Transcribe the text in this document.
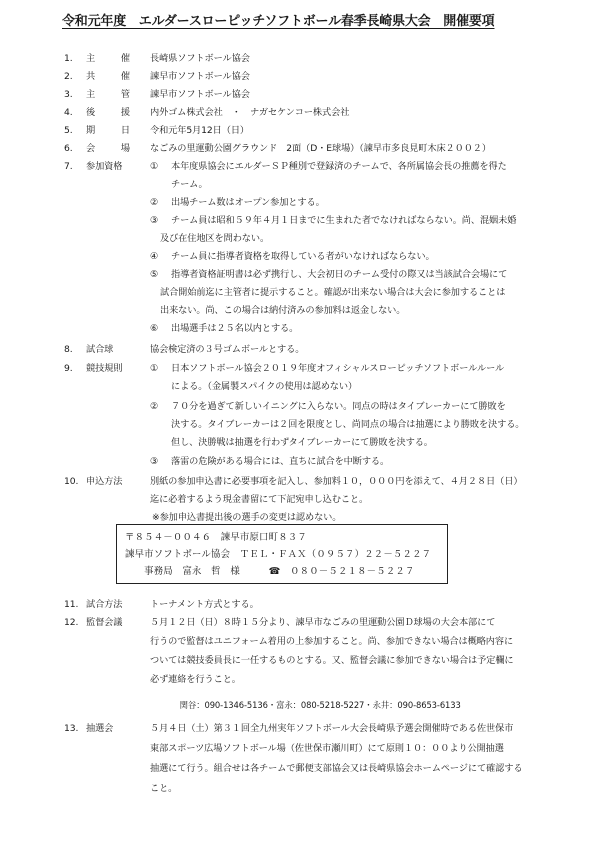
令和元年度　エルダースローピッチソフトボール春季長崎県大会　開催要項
1.	主	催 長崎県ソフトボール協会
2.	共	催 諫早市ソフトボール協会
3.	主	管 諫早市ソフトボール協会
4.	後	援 内外ゴム株式会社　・　ナガセケンコー株式会社
5.	期	日 令和元年5月12日（日）
6.	会	場 なごみの里運動公園グラウンド　2面（D・E球場）（諫早市多良見町木床２００２）
7.	参加資格	① 本年度県協会にエルダーＳＰ種別で登録済のチームで、各所属協会長の推薦を得た
チーム。
② 出場チーム数はオープン参加とする。
③ チーム員は昭和５９年４月１日までに生まれた者でなければならない。尚、混姻未婚
及び在住地区を問わない。
④ チーム員に指導者資格を取得している者がいなければならない。
⑤ 指導者資格証明書は必ず携行し、大会初日のチーム受付の際又は当該試合会場にて
試合開始前迄に主管者に提示すること。確認が出来ない場合は大会に参加することは
出来ない。尚、この場合は納付済みの参加料は返金しない。
⑥ 出場選手は２５名以内とする。
8.	試合球	協会検定済の３号ゴムボールとする。
9.	競技規則	① 日本ソフトボール協会２０１９年度オフィシャルスローピッチソフトボールルール
による。（金属製スパイクの使用は認めない）
② ７０分を過ぎて新しいイニングに入らない。同点の時はタイブレーカーにて勝敗を
決する。タイブレーカーは２回を限度とし、尚同点の場合は抽選により勝敗を決する。
但し、決勝戦は抽選を行わずタイブレーカーにて勝敗を決する。
③ 落雷の危険がある場合には、直ちに試合を中断する。
10. 申込方法	別紙の参加申込書に必要事項を記入し、参加料１０，０００円を添えて、４月２８日（日）
迄に必着するよう現金書留にて下記宛申し込むこと。
※参加申込書提出後の選手の変更は認めない。
〒８５４－００４６　諫早市原口町８３７
諫早市ソフトボール協会　ＴＥＬ・ＦＡＸ（０９５７）２２－５２２７
　　事務局　富永　哲　様　　　☎　０８０－５２１８－５２２７
11. 試合方法	トーナメント方式とする。
12. 監督会議	５月１２日（日）８時１５分より、諫早市なごみの里運動公園Ｄ球場の大会本部にて
行うので監督はユニフォーム着用の上参加すること。尚、参加できない場合は概略内容に
ついては競技委員長に一任するものとする。又、監督会議に参加できない場合は予定欄に
必ず連絡を行うこと。
　　　　　　関谷：090-1346-5136・富永：080-5218-5227・永井：090-8653-6133
13. 抽選会	５月４日（土）第３１回全九州実年ソフトボール大会長崎県予選会開催時である佐世保市
東部スポーツ広場ソフトボール場（佐世保市瀬川町）にて原則１０：００より公開抽選
抽選にて行う。組合せは各チームで郵便支部協会又は長崎県協会ホームページにて確認する
こと。
